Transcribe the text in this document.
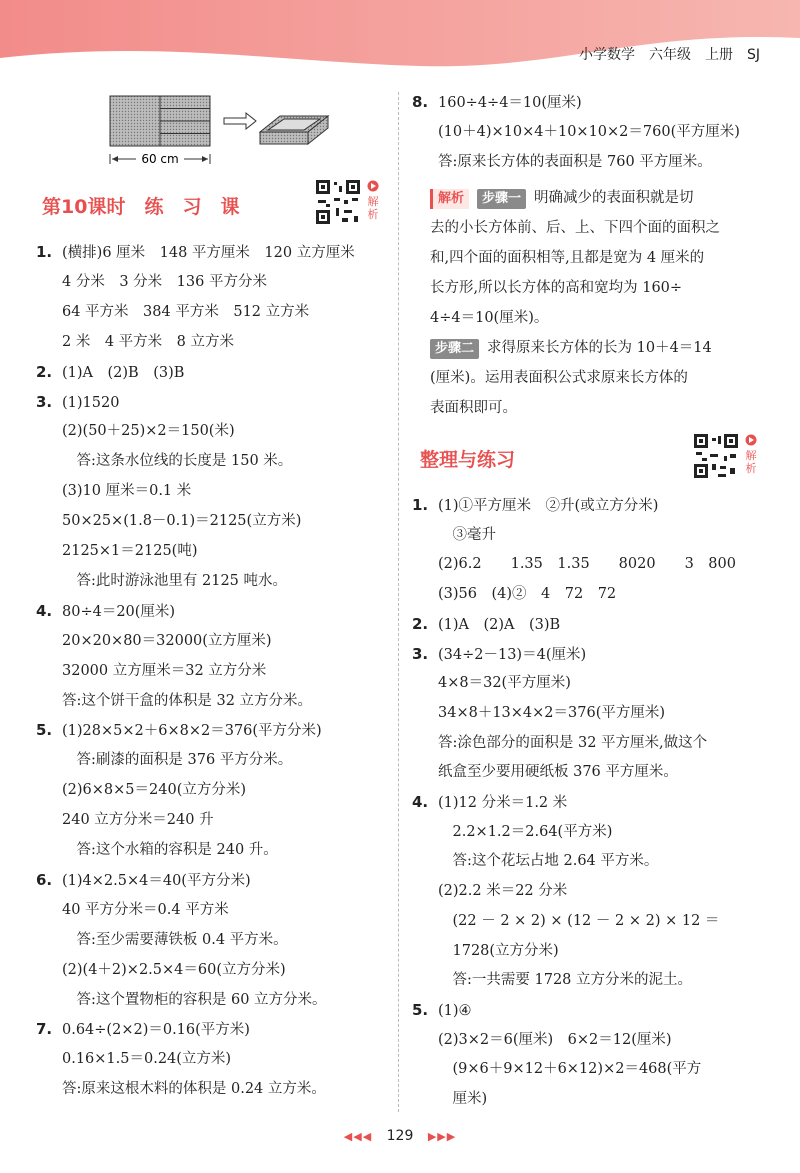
小学数学　六年级　上册　SJ
60 cm
第10课时　练　习　课	解析
1. (横排)6 厘米　148 平方厘米　120 立方厘米
4 分米　3 分米　136 平方分米
64 平方米　384 平方米　512 立方米
2 米　4 平方米　8 立方米
2. (1)A　(2)B　(3)B
3. (1)1520
(2)(50＋25)×2＝150(米)
　答:这条水位线的长度是 150 米。
(3)10 厘米＝0.1 米
50×25×(1.8－0.1)＝2125(立方米)
2125×1＝2125(吨)
　答:此时游泳池里有 2125 吨水。
4. 80÷4＝20(厘米)
20×20×80＝32000(立方厘米)
32000 立方厘米＝32 立方分米
答:这个饼干盒的体积是 32 立方分米。
5. (1)28×5×2＋6×8×2＝376(平方分米)
　答:刷漆的面积是 376 平方分米。
(2)6×8×5＝240(立方分米)
240 立方分米＝240 升
　答:这个水箱的容积是 240 升。
6. (1)4×2.5×4＝40(平方分米)
40 平方分米＝0.4 平方米
　答:至少需要薄铁板 0.4 平方米。
(2)(4＋2)×2.5×4＝60(立方分米)
　答:这个置物柜的容积是 60 立方分米。
7. 0.64÷(2×2)＝0.16(平方米)
0.16×1.5＝0.24(立方米)
答:原来这根木料的体积是 0.24 立方米。
8. 160÷4÷4＝10(厘米)
(10＋4)×10×4＋10×10×2＝760(平方厘米)
答:原来长方体的表面积是 760 平方厘米。
解析 步骤一 明确减少的表面积就是切
去的小长方体前、后、上、下四个面的面积之
和,四个面的面积相等,且都是宽为 4 厘米的
长方形,所以长方体的高和宽均为 160÷
4÷4＝10(厘米)。
步骤二 求得原来长方体的长为 10＋4＝14
(厘米)。运用表面积公式求原来长方体的
表面积即可。
整理与练习	解析
1. (1)①平方厘米　②升(或立方分米)
　③毫升
(2)6.2　　1.35　1.35　　8020　　3　800
(3)56　(4)②　4　72　72
2. (1)A　(2)A　(3)B
3. (34÷2－13)＝4(厘米)
4×8＝32(平方厘米)
34×8＋13×4×2＝376(平方厘米)
答:涂色部分的面积是 32 平方厘米,做这个
纸盒至少要用硬纸板 376 平方厘米。
4. (1)12 分米＝1.2 米
　2.2×1.2＝2.64(平方米)
　答:这个花坛占地 2.64 平方米。
(2)2.2 米＝22 分米
　(22 － 2 × 2) × (12 － 2 × 2) × 12 ＝
　1728(立方分米)
　答:一共需要 1728 立方分米的泥土。
5. (1)④
(2)3×2＝6(厘米)　6×2＝12(厘米)
　(9×6＋9×12＋6×12)×2＝468(平方
　厘米)
◀◀◀ 129 ▶▶▶
